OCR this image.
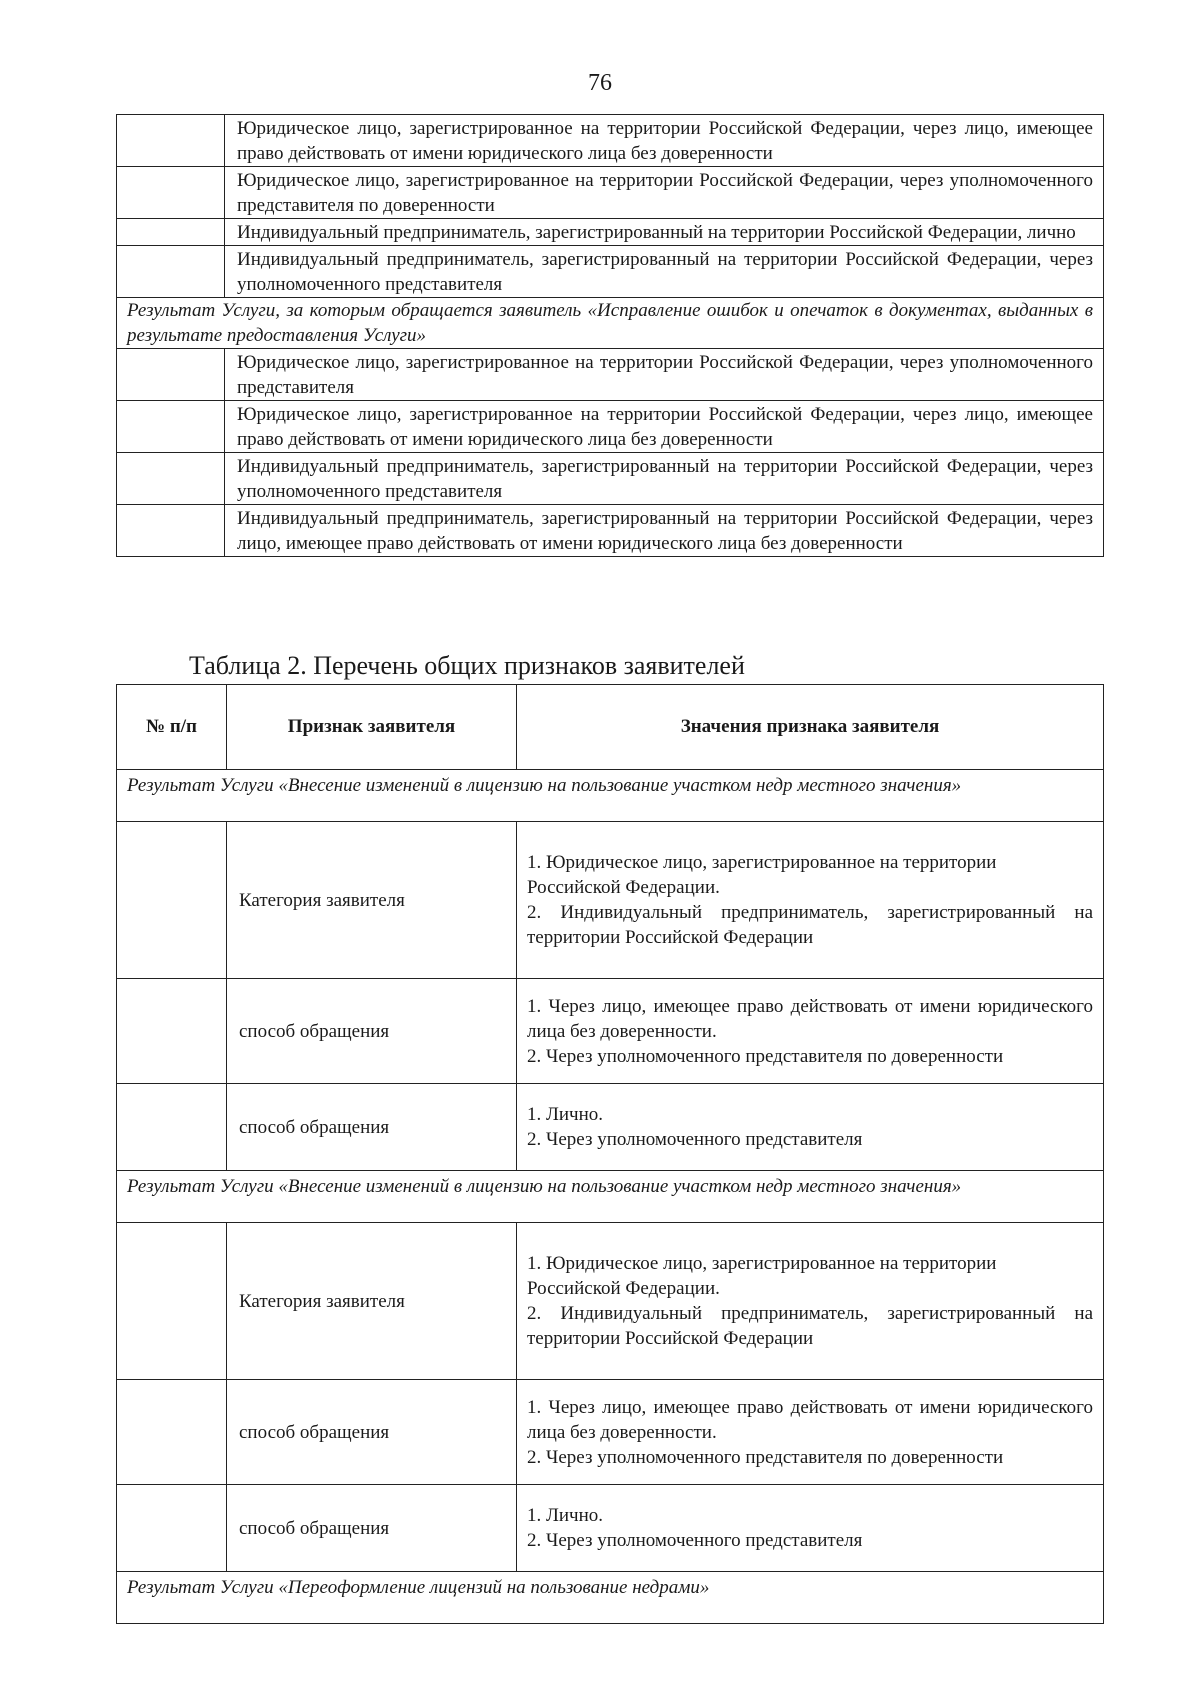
76
	Юридическое лицо, зарегистрированное на территории Российской Федерации, через лицо, имеющее право действовать от имени юридического лица без доверенности
	Юридическое лицо, зарегистрированное на территории Российской Федерации, через уполномоченного представителя по доверенности
	Индивидуальный предприниматель, зарегистрированный на территории Российской Федерации, лично
	Индивидуальный предприниматель, зарегистрированный на территории Российской Федерации, через уполномоченного представителя
Результат Услуги, за которым обращается заявитель «Исправление ошибок и опечаток в документах, выданных в результате предоставления Услуги»	
	Юридическое лицо, зарегистрированное на территории Российской Федерации, через уполномоченного представителя
	Юридическое лицо, зарегистрированное на территории Российской Федерации, через лицо, имеющее право действовать от имени юридического лица без доверенности
	Индивидуальный предприниматель, зарегистрированный на территории Российской Федерации, через уполномоченного представителя
	Индивидуальный предприниматель, зарегистрированный на территории Российской Федерации, через лицо, имеющее право действовать от имени юридического лица без доверенности
Таблица 2. Перечень общих признаков заявителей
№ п/п	Признак заявителя	Значения признака заявителя
Результат Услуги «Внесение изменений в лицензию на пользование участком недр местного значения»		
	Категория заявителя	1. Юридическое лицо, зарегистрированное на территории Российской Федерации.
2. Индивидуальный предприниматель, зарегистрированный на территории Российской Федерации

	способ обращения	1. Через лицо, имеющее право действовать от имени юридического лица без доверенности.
2. Через уполномоченного представителя по доверенности

	способ обращения	1. Лично.
2. Через уполномоченного представителя

Результат Услуги «Внесение изменений в лицензию на пользование участком недр местного значения»		
	Категория заявителя	1. Юридическое лицо, зарегистрированное на территории Российской Федерации.
2. Индивидуальный предприниматель, зарегистрированный на территории Российской Федерации

	способ обращения	1. Через лицо, имеющее право действовать от имени юридического лица без доверенности.
2. Через уполномоченного представителя по доверенности

	способ обращения	1. Лично.
2. Через уполномоченного представителя

Результат Услуги «Переоформление лицензий на пользование недрами»		
